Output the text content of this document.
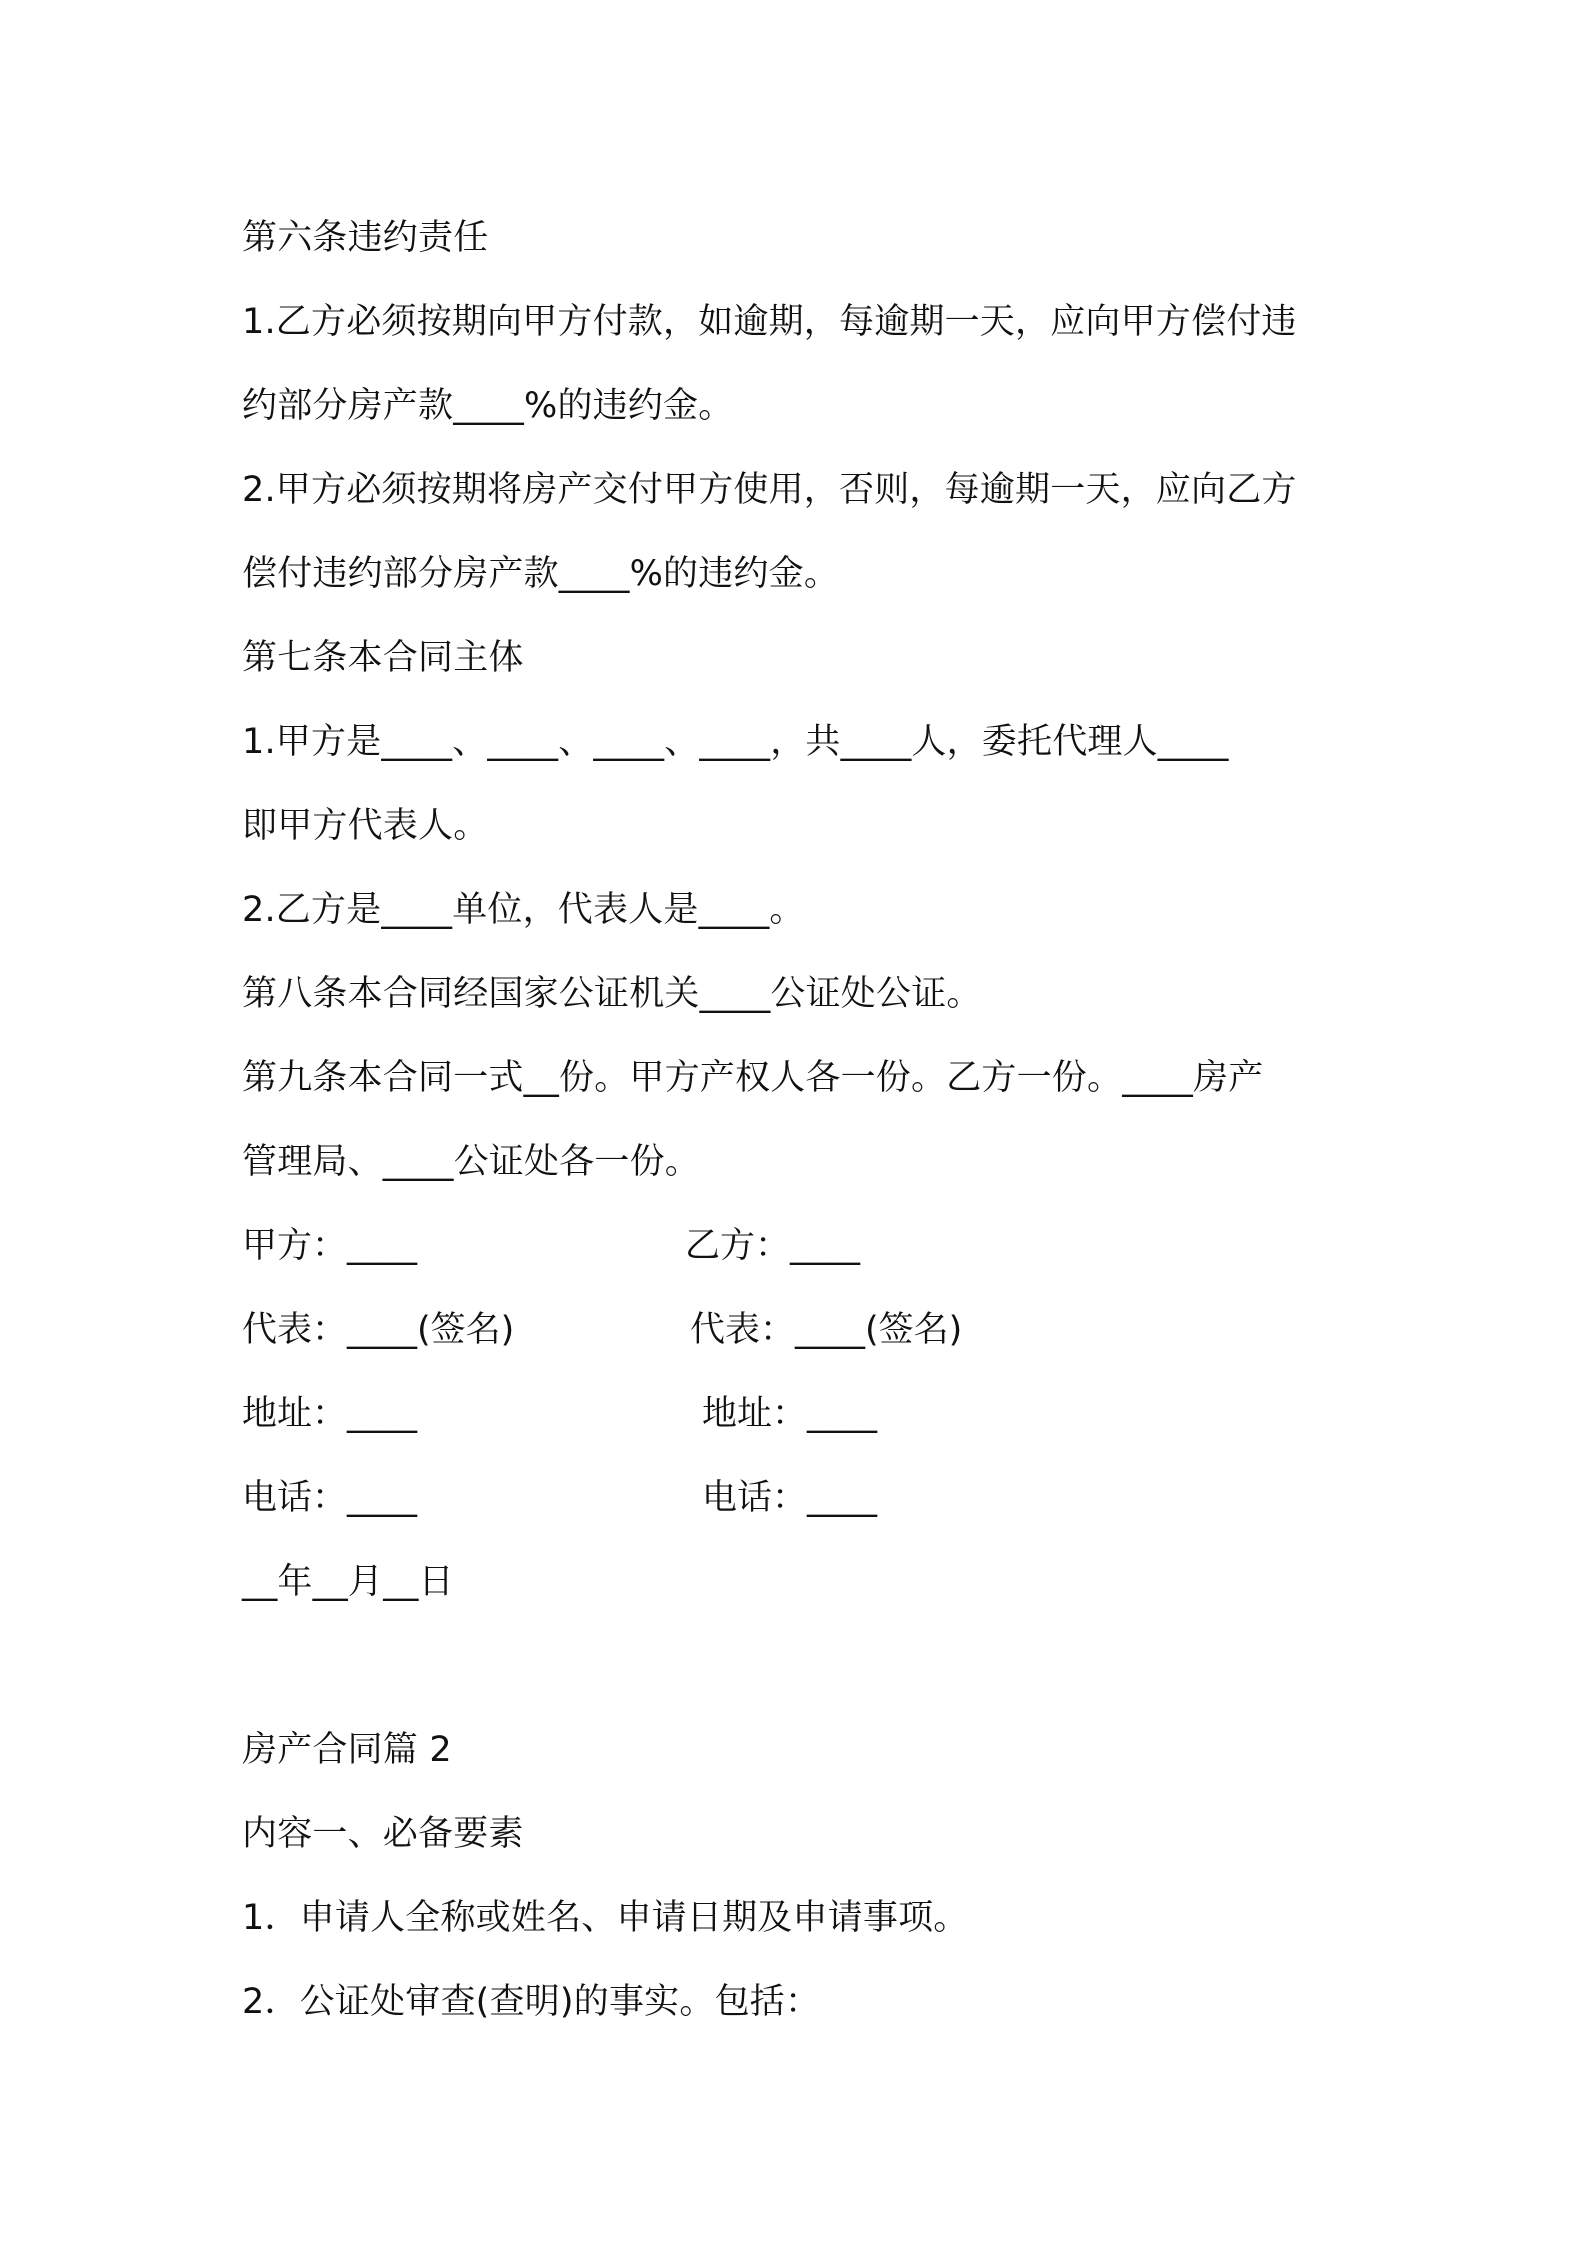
第六条违约责任
1.乙方必须按期向甲方付款，如逾期，每逾期一天，应向甲方偿付违
约部分房产款____%的违约金。
2.甲方必须按期将房产交付甲方使用，否则，每逾期一天，应向乙方
偿付违约部分房产款____%的违约金。
第七条本合同主体
1.甲方是____、____、____、____，共____人，委托代理人____
即甲方代表人。
2.乙方是____单位，代表人是____。
第八条本合同经国家公证机关____公证处公证。
第九条本合同一式__份。甲方产权人各一份。乙方一份。____房产
管理局、____公证处各一份。
甲方：____	乙方：____
代表：____(签名)	代表：____(签名)
地址：____	地址：____
电话：____	电话：____
__年__月__日
房产合同篇 2
内容一、必备要素
1．申请人全称或姓名、申请日期及申请事项。
2．公证处审查(查明)的事实。包括：
